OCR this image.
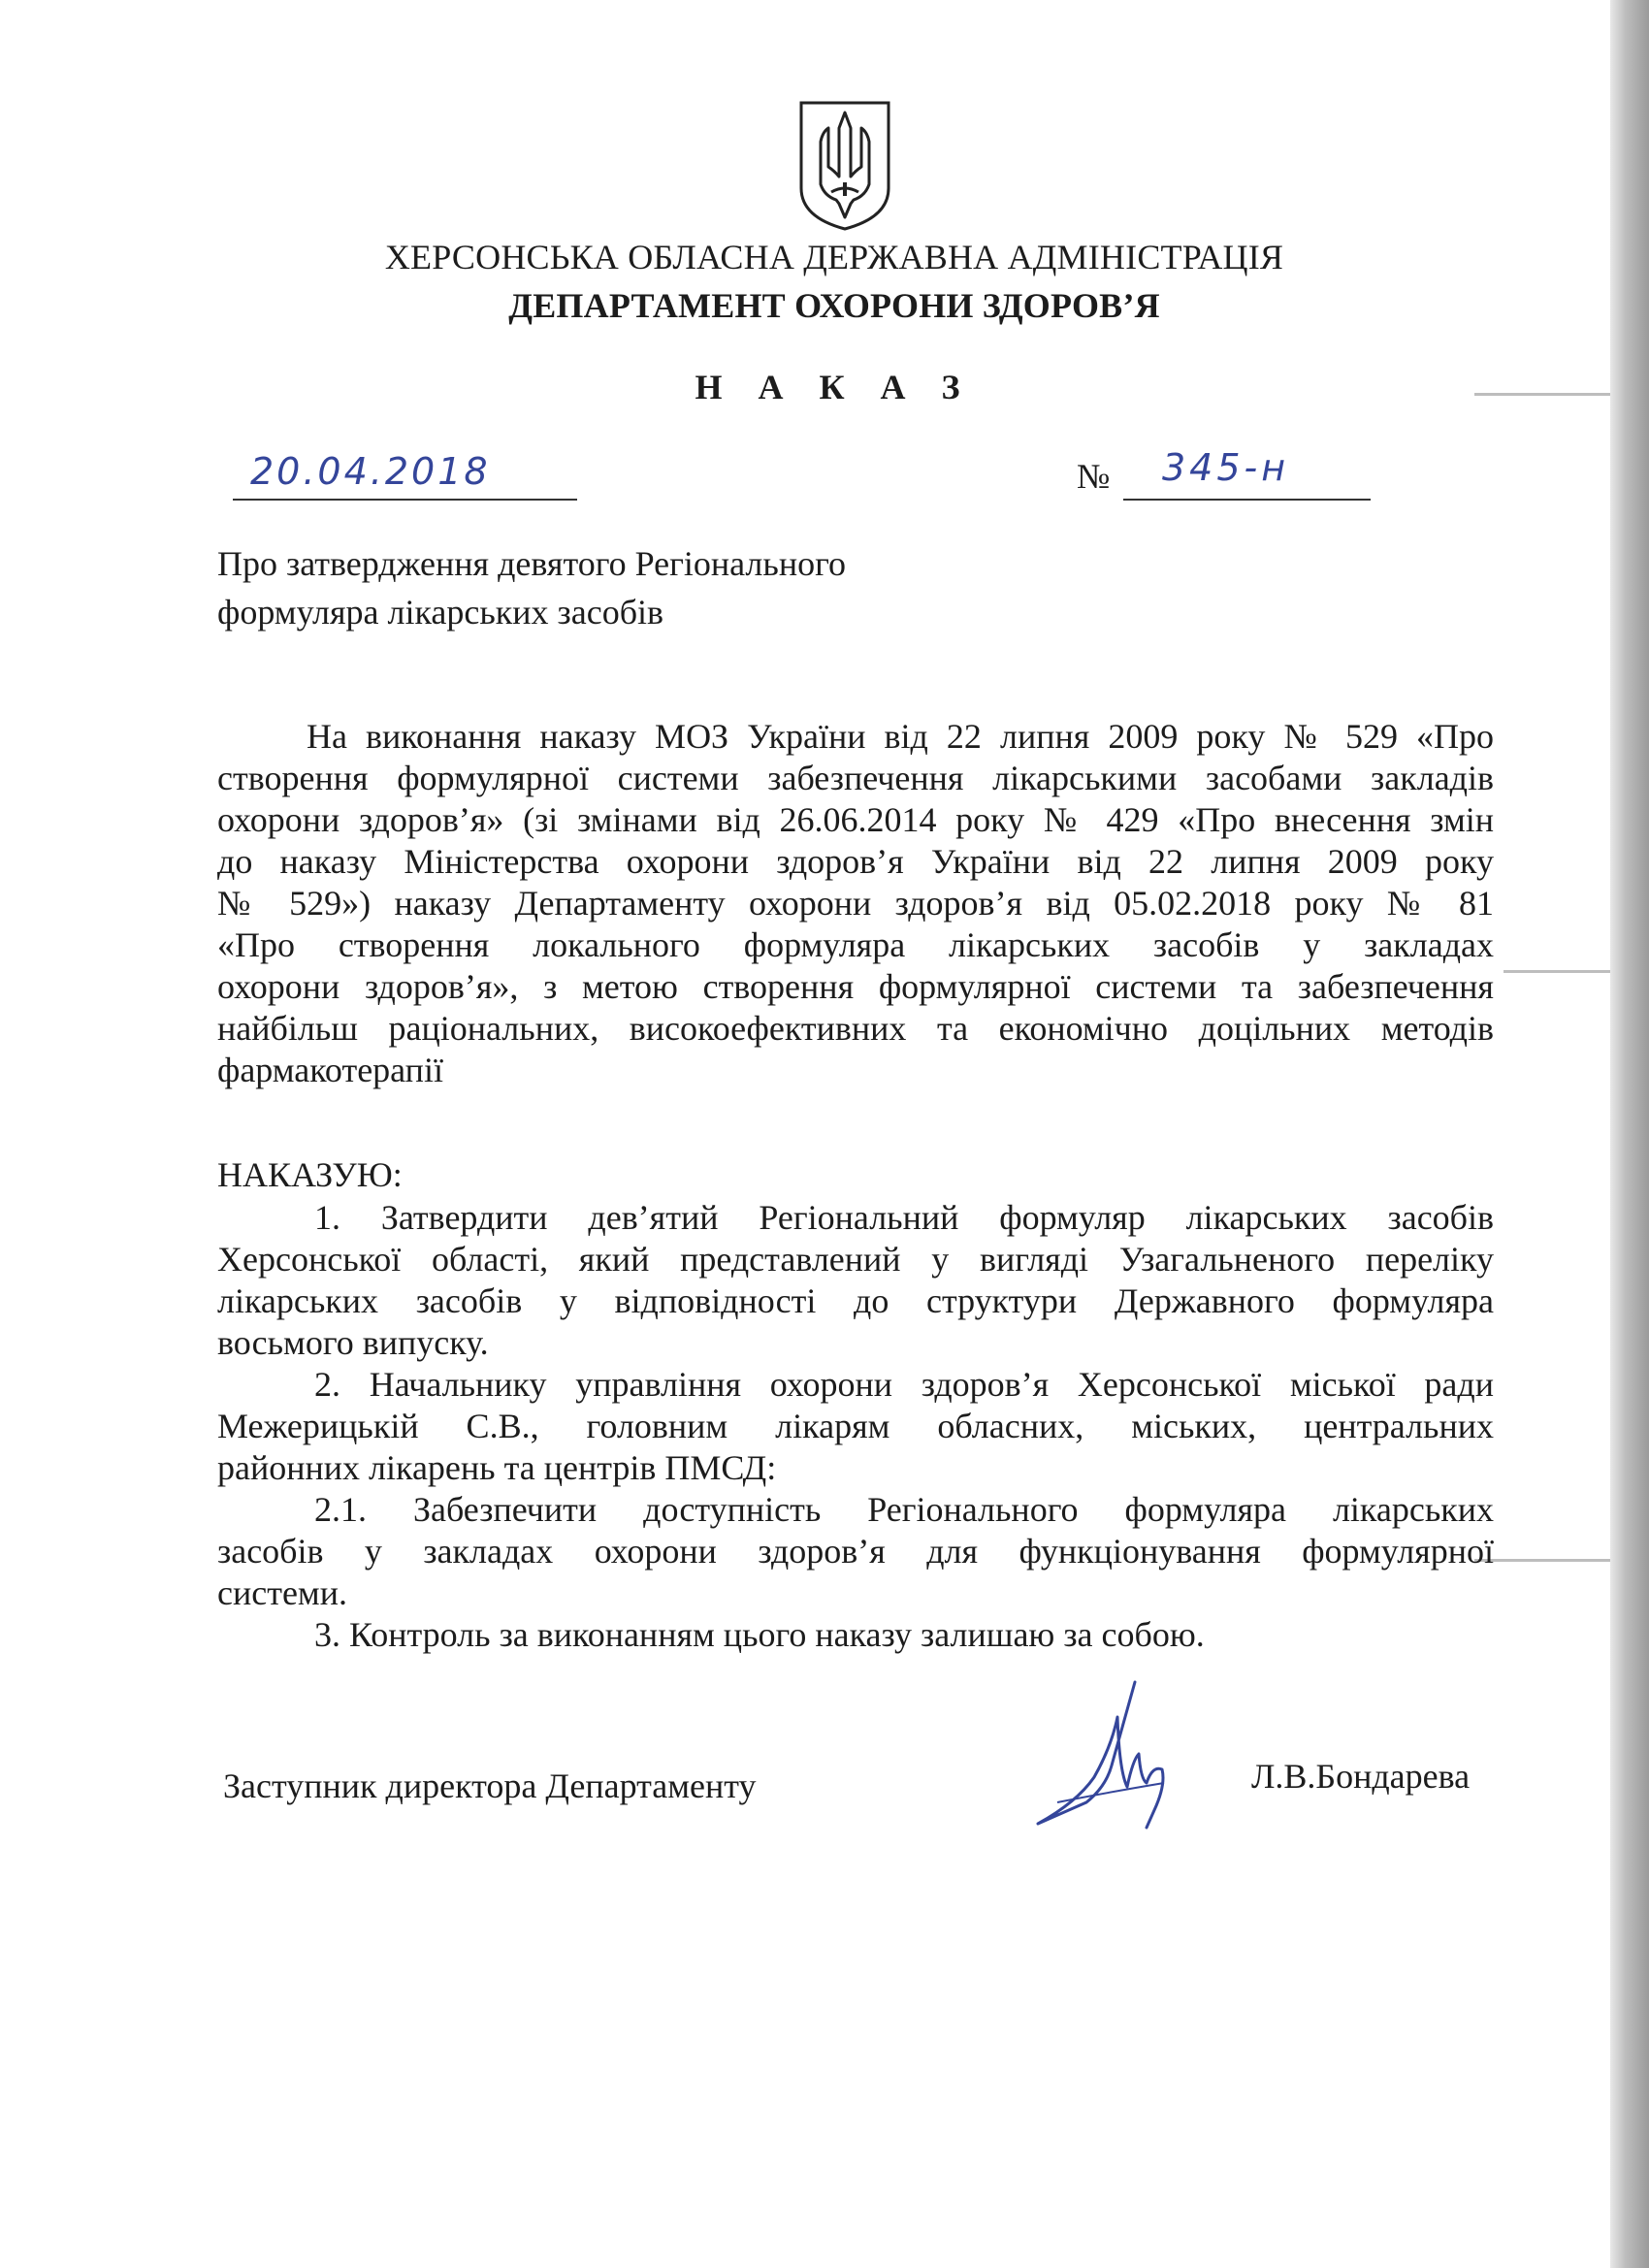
ХЕРСОНСЬКА ОБЛАСНА ДЕРЖАВНА АДМІНІСТРАЦІЯ
ДЕПАРТАМЕНТ ОХОРОНИ ЗДОРОВ’Я
Н А К А З
20.04.2018	№ 345-н
Про затвердження девятого Регіонального
формуляра лікарських засобів
На виконання наказу МОЗ України від 22 липня 2009 року № 529 «Про
створення формулярної системи забезпечення лікарськими засобами закладів
охорони здоров’я» (зі змінами від 26.06.2014 року № 429 «Про внесення змін
до наказу Міністерства охорони здоров’я України від 22 липня 2009 року
№ 529») наказу Департаменту охорони здоров’я від 05.02.2018 року № 81
«Про створення локального формуляра лікарських засобів у закладах
охорони здоров’я», з метою створення формулярної системи та забезпечення
найбільш раціональних, високоефективних та економічно доцільних методів
фармакотерапії
НАКАЗУЮ:
1. Затвердити дев’ятий Регіональний формуляр лікарських засобів
Херсонської області, який представлений у вигляді Узагальненого переліку
лікарських засобів у відповідності до структури Державного формуляра
восьмого випуску.
2. Начальнику управління охорони здоров’я Херсонської міської ради
Межерицькій С.В., головним лікарям обласних, міських, центральних
районних лікарень та центрів ПМСД:
2.1. Забезпечити доступність Регіонального формуляра лікарських
засобів у закладах охорони здоров’я для функціонування формулярної
системи.
3. Контроль за виконанням цього наказу залишаю за собою.
Заступник директора Департаменту	Л.В.Бондарева
